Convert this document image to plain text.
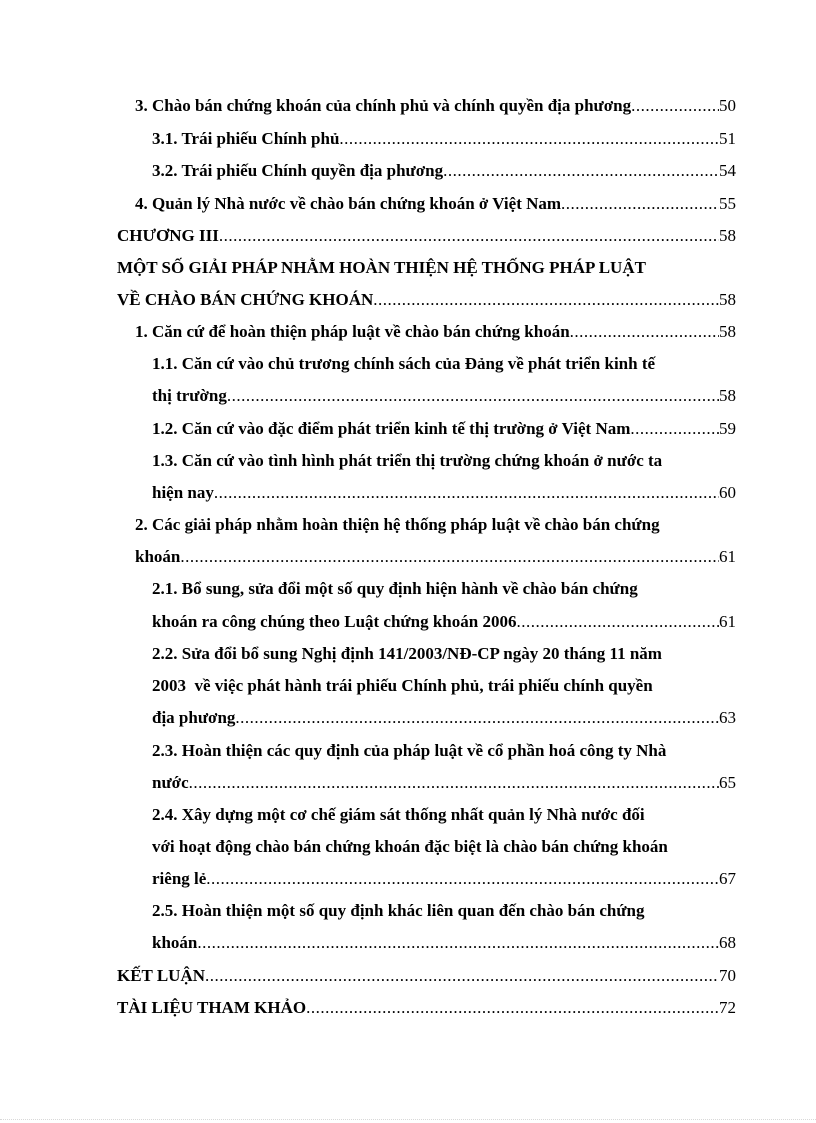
3. Chào bán chứng khoán của chính phủ và chính quyền địa phương .....	50
3.1. Trái phiếu Chính phủ .....	51
3.2. Trái phiếu Chính quyền địa phương .....	54
4. Quản lý Nhà nước về chào bán chứng khoán ở Việt Nam .....	55
CHƯƠNG III .....	58
MỘT SỐ GIẢI PHÁP NHẰM HOÀN THIỆN HỆ THỐNG PHÁP LUẬT
VỀ CHÀO BÁN CHỨNG KHOÁN .....	58
1. Căn cứ để hoàn thiện pháp luật về chào bán chứng khoán .....	58
1.1. Căn cứ vào chủ trương chính sách của Đảng về phát triển kinh tế
thị trường .....	58
1.2. Căn cứ vào đặc điểm phát triển kinh tế thị trường ở Việt Nam .....	59
1.3. Căn cứ vào tình hình phát triển thị trường chứng khoán ở nước ta
hiện nay .....	60
2. Các giải pháp nhằm hoàn thiện hệ thống pháp luật về chào bán chứng
khoán .....	61
2.1. Bổ sung, sửa đổi một số quy định hiện hành về chào bán chứng
khoán ra công chúng theo Luật chứng khoán 2006 .....	61
2.2. Sửa đổi bổ sung Nghị định 141/2003/NĐ-CP ngày 20 tháng 11 năm
2003  về việc phát hành trái phiếu Chính phủ, trái phiếu chính quyền
địa phương .....	63
2.3. Hoàn thiện các quy định của pháp luật về cổ phần hoá công ty Nhà
nước .....	65
2.4. Xây dựng một cơ chế giám sát thống nhất quản lý Nhà nước đối
với hoạt động chào bán chứng khoán đặc biệt là chào bán chứng khoán
riêng lẻ .....	67
2.5. Hoàn thiện một số quy định khác liên quan đến chào bán chứng
khoán .....	68
KẾT LUẬN .....	70
TÀI LIỆU THAM KHẢO .....	72
